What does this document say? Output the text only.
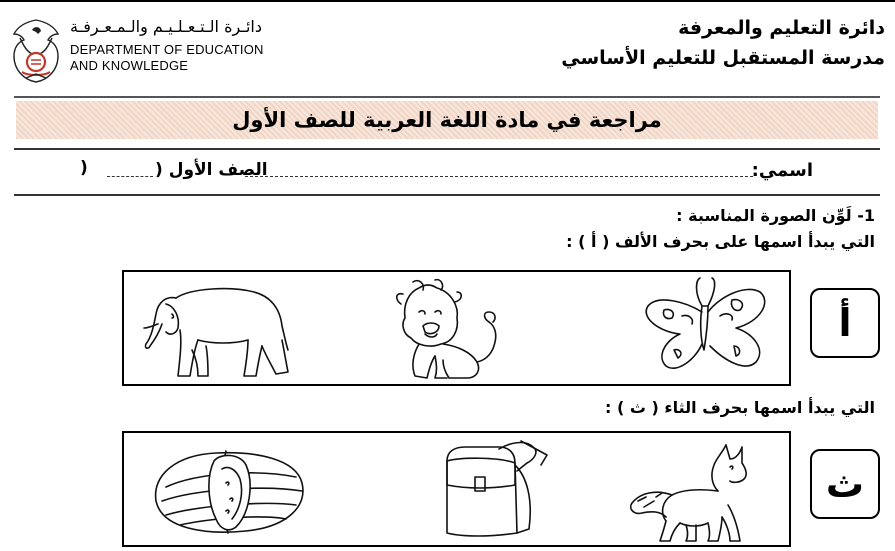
دائـرة الـتـعـلـيـم والـمـعـرفـة
DEPARTMENT OF EDUCATION
AND KNOWLEDGE
دائرة التعليم والمعرفة
مدرسة المستقبل للتعليم الأساسي
مراجعة في مادة اللغة العربية للصف الأول
اسمي:
الصف الأول (
)
1- لَوِّن الصورة المناسبة :
التي يبدأ اسمها على بحرف الألف ( أ ) :
أ
التي يبدأ اسمها بحرف الثاء ( ث ) :
ث
